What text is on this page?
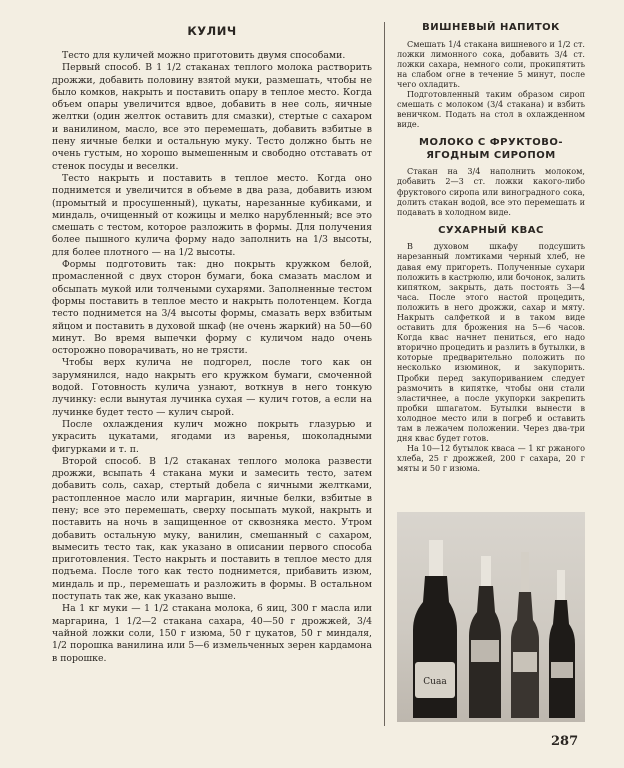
КУЛИЧ

Тесто для куличей можно приготовить двумя способами.

Первый способ. В 1 1/2 стаканах теплого молока растворить дрожжи, добавить половину взятой муки, размешать, чтобы не было комков, накрыть и поставить опару в теплое место. Когда объем опары увеличится вдвое, добавить в нее соль, яичные желтки (один желток оставить для смазки), стертые с сахаром и ванилином, масло, все это перемешать, добавить взбитые в пену яичные белки и остальную муку. Тесто должно быть не очень густым, но хорошо вымешенным и свободно отставать от стенок посуды и веселки.

Тесто накрыть и поставить в теплое место. Когда оно поднимется и увеличится в объеме в два раза, добавить изюм (промытый и просушенный), цукаты, нарезанные кубиками, и миндаль, очищенный от кожицы и мелко нарубленный; все это смешать с тестом, которое разложить в формы. Для получения более пышного кулича форму надо заполнить на 1/3 высоты, для более плотного — на 1/2 высоты.

Формы подготовить так: дно покрыть кружком белой, промасленной с двух сторон бумаги, бока смазать маслом и обсыпать мукой или толчеными сухарями. Заполненные тестом формы поставить в теплое место и накрыть полотенцем. Когда тесто поднимется на 3/4 высоты формы, смазать верх взбитым яйцом и поставить в духовой шкаф (не очень жаркий) на 50—60 минут. Во время выпечки форму с куличом надо очень осторожно поворачивать, но не трясти.

Чтобы верх кулича не подгорел, после того как он зарумянился, надо накрыть его кружком бумаги, смоченной водой. Готовность кулича узнают, воткнув в него тонкую лучинку: если вынутая лучинка сухая — кулич готов, а если на лучинке будет тесто — кулич сырой.

После охлаждения кулич можно покрыть глазурью и украсить цукатами, ягодами из варенья, шоколадными фигурками и т. п.

Второй способ. В 1/2 стаканах теплого молока развести дрожжи, всыпать 4 стакана муки и замесить тесто, затем добавить соль, сахар, стертый добела с яичными желтками, растопленное масло или маргарин, яичные белки, взбитые в пену; все это перемешать, сверху посыпать мукой, накрыть и поставить на ночь в защищенное от сквозняка место. Утром добавить остальную муку, ванилин, смешанный с сахаром, вымесить тесто так, как указано в описании первого способа приготовления. Тесто накрыть и поставить в теплое место для подъема. После того как тесто поднимется, прибавить изюм, миндаль и пр., перемешать и разложить в формы. В остальном поступать так же, как указано выше.

На 1 кг муки — 1 1/2 стакана молока, 6 яиц, 300 г масла или маргарина, 1 1/2—2 стакана сахара, 40—50 г дрожжей, 3/4 чайной ложки соли, 150 г изюма, 50 г цукатов, 50 г миндаля, 1/2 порошка ванилина или 5—6 измельченных зерен кардамона в порошке.

ВИШНЕВЫЙ НАПИТОК

Смешать 1/4 стакана вишневого и 1/2 ст. ложки лимонного сока, добавить 3/4 ст. ложки сахара, немного соли, прокипятить на слабом огне в течение 5 минут, после чего охладить.

Подготовленный таким образом сироп смешать с молоком (3/4 стакана) и взбить веничком. Подать на стол в охлажденном виде.

МОЛОКО С ФРУКТОВО-ЯГОДНЫМ СИРОПОМ

Стакан на 3/4 наполнить молоком, добавить 2—3 ст. ложки какого-либо фруктового сиропа или виноградного сока, долить стакан водой, все это перемешать и подавать в холодном виде.

СУХАРНЫЙ КВАС

В духовом шкафу подсушить нарезанный ломтиками черный хлеб, не давая ему пригореть. Полученные сухари положить в кастрюлю, или бочонок, залить кипятком, закрыть, дать постоять 3—4 часа. После этого настой процедить, положить в него дрожжи, сахар и мяту. Накрыть салфеткой и в таком виде оставить для брожения на 5—6 часов. Когда квас начнет пениться, его надо вторично процедить и разлить в бутылки, в которые предварительно положить по несколько изюминок, и закупорить. Пробки перед закупориванием следует размочить в кипятке, чтобы они стали эластичнее, а после укупорки закрепить пробки шпагатом. Бутылки вынести в холодное место или в погреб и оставить там в лежачем положении. Через два-три дня квас будет готов.

На 10—12 бутылок кваса — 1 кг ржаного хлеба, 25 г дрожжей, 200 г сахара, 20 г мяты и 50 г изюма.

Cuaa
287
